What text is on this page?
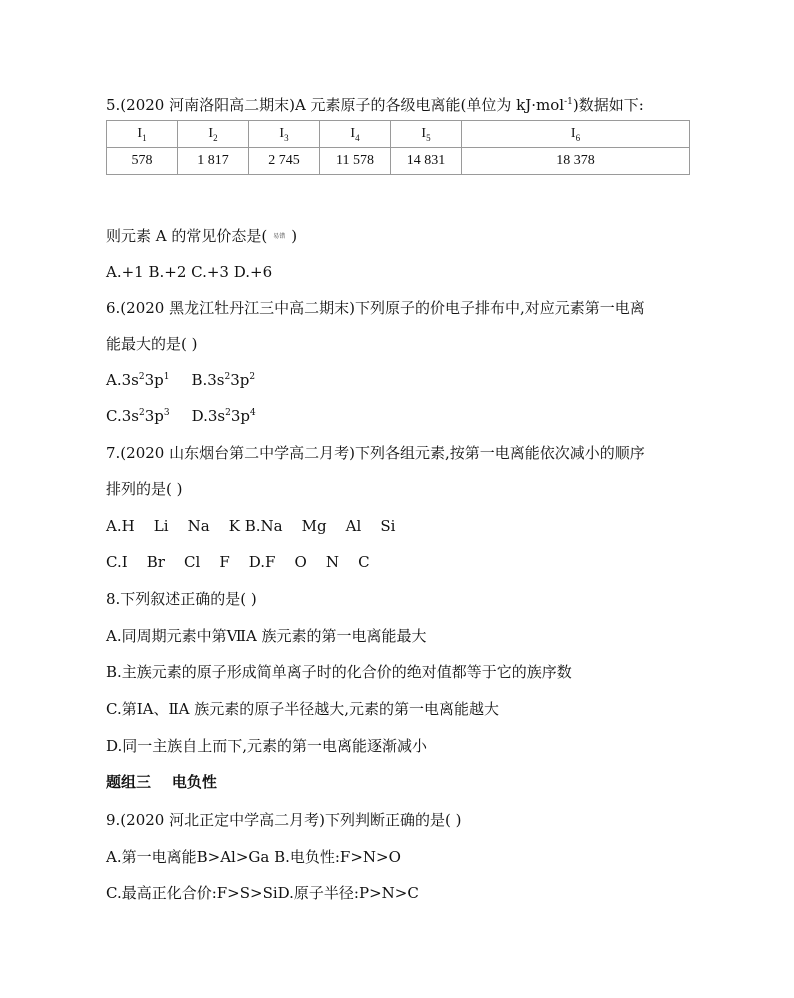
5.(2020 河南洛阳高二期末)A 元素原子的各级电离能(单位为 kJ·mol$^{-1}$)数据如下:
$I_1$	$I_2$	$I_3$	$I_4$	$I_5$	$I_6$
578	1 817	2 745	11 578	14 831	18 378
则元素 A 的常见价态是( 易错 )
A.+1 B.+2 C.+3 D.+6
6.(2020 黑龙江牡丹江三中高二期末)下列原子的价电子排布中,对应元素第一电离
能最大的是( )
$A.3s^23p^1$ $B.3s^23p^2$
$C.3s^23p^3$ $D.3s^23p^4$
7.(2020 山东烟台第二中学高二月考)下列各组元素,按第一电离能依次减小的顺序
排列的是( )
A.H    Li    Na    K B.Na    Mg    Al    Si
C.I    Br    Cl    F    D.F    O    N    C
8.下列叙述正确的是( )
A.同周期元素中第ⅦA 族元素的第一电离能最大
B.主族元素的原子形成简单离子时的化合价的绝对值都等于它的族序数
C.第ⅠA、ⅡA 族元素的原子半径越大,元素的第一电离能越大
D.同一主族自上而下,元素的第一电离能逐渐减小
题组三    电负性
9.(2020 河北正定中学高二月考)下列判断正确的是( )
A.第一电离能B>Al>Ga B.电负性:F>N>O
C.最高正化合价:F>S>SiD.原子半径:P>N>C
